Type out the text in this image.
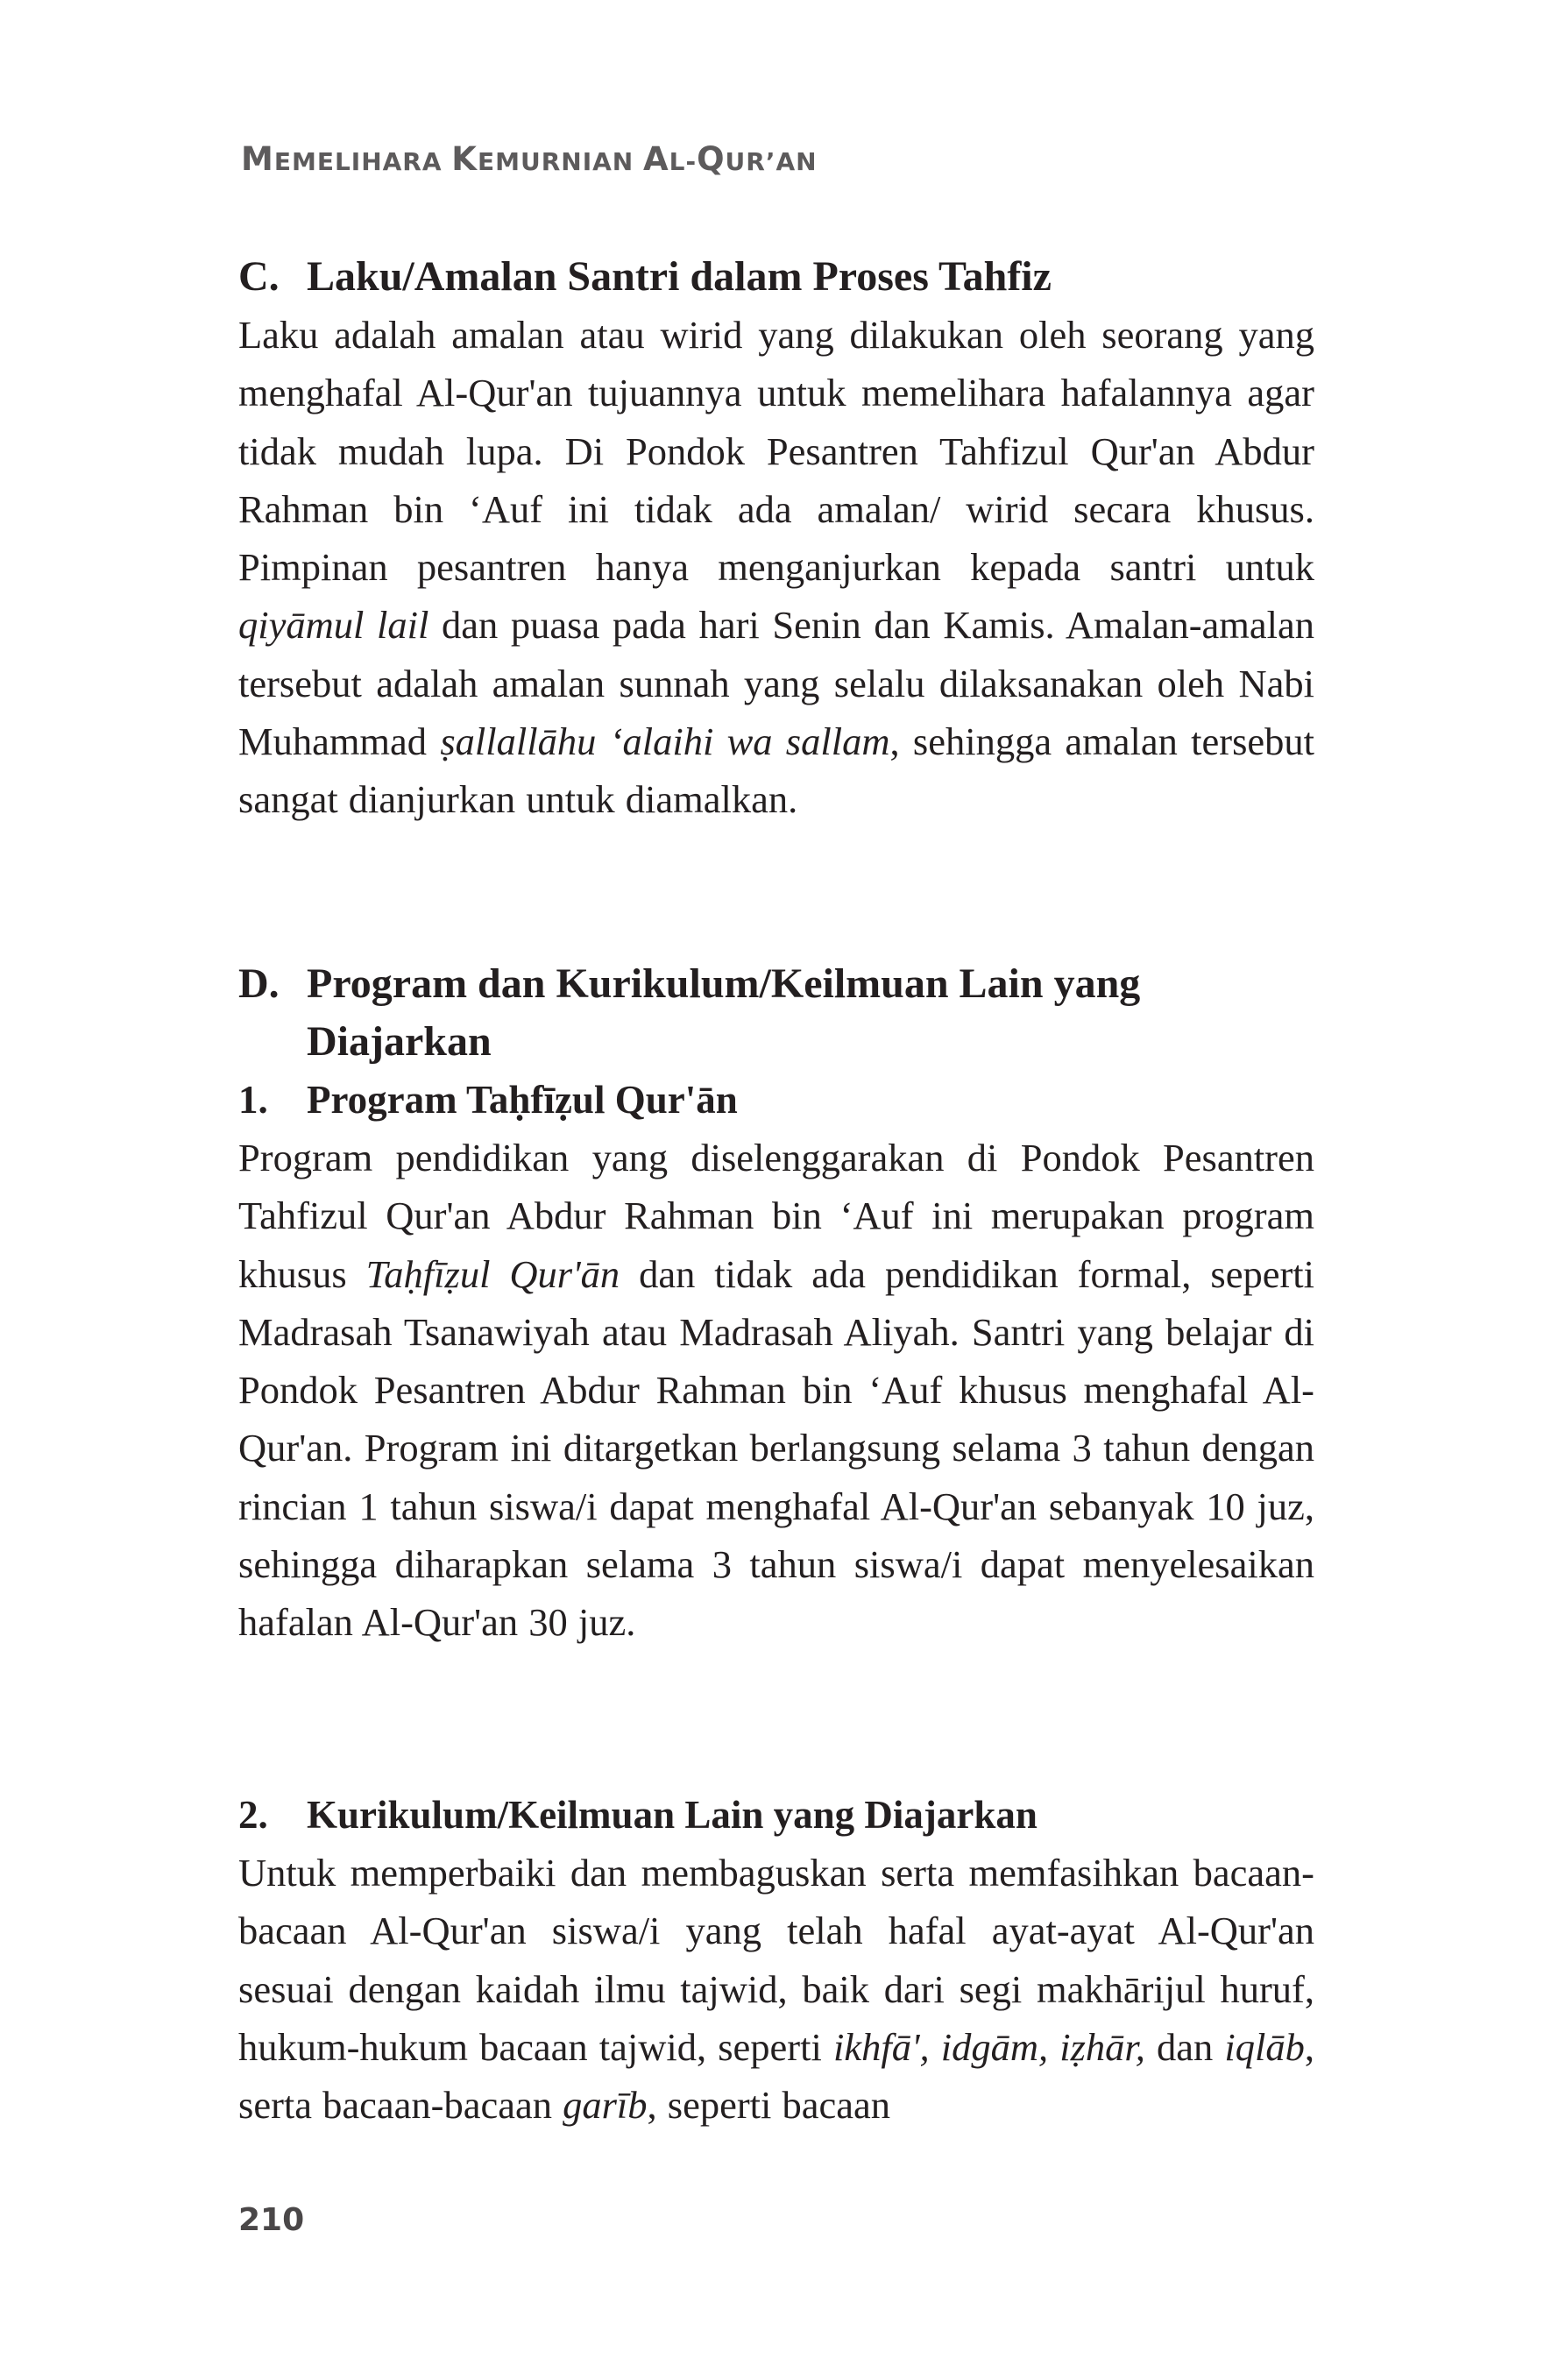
MEMELIHARA KEMURNIAN AL-QUR’AN
C. Laku/Amalan Santri dalam Proses Tahfiz

Laku adalah amalan atau wirid yang dilakukan oleh seorang yang menghafal Al-Qur'an tujuannya untuk memelihara hafalannya agar tidak mudah lupa. Di Pondok Pesantren Tahfizul Qur'an Abdur Rahman bin ‘Auf ini tidak ada amalan/ wirid secara khusus. Pimpinan pesantren hanya menganjurkan kepada santri untuk qiyāmul lail dan puasa pada hari Senin dan Kamis. Amalan-amalan tersebut adalah amalan sunnah yang selalu dilaksanakan oleh Nabi Muhammad ṣallallāhu ‘alaihi wa sallam, sehingga amalan tersebut sangat dianjurkan untuk diamalkan.

D. Program dan Kurikulum/Keilmuan Lain yang Diajarkan
1. Program Taḥfīẓul Qur'ān

Program pendidikan yang diselenggarakan di Pondok Pesantren Tahfizul Qur'an Abdur Rahman bin ‘Auf ini merupakan program khusus Taḥfīẓul Qur'ān dan tidak ada pendidikan formal, seperti Madrasah Tsanawiyah atau Madrasah Aliyah. Santri yang belajar di Pondok Pesantren Abdur Rahman bin ‘Auf khusus menghafal Al-Qur'an. Program ini ditargetkan berlangsung selama 3 tahun dengan rincian 1 tahun siswa/i dapat menghafal Al-Qur'an sebanyak 10 juz, sehingga diharapkan selama 3 tahun siswa/i dapat menyelesaikan hafalan Al-Qur'an 30 juz.

2. Kurikulum/Keilmuan Lain yang Diajarkan

Untuk memperbaiki dan membaguskan serta memfasihkan bacaan-bacaan Al-Qur'an siswa/i yang telah hafal ayat-ayat Al-Qur'an sesuai dengan kaidah ilmu tajwid, baik dari segi makhārijul huruf, hukum-hukum bacaan tajwid, seperti ikhfā', idgām, iẓhār, dan iqlāb, serta bacaan-bacaan garīb, seperti bacaan

210
